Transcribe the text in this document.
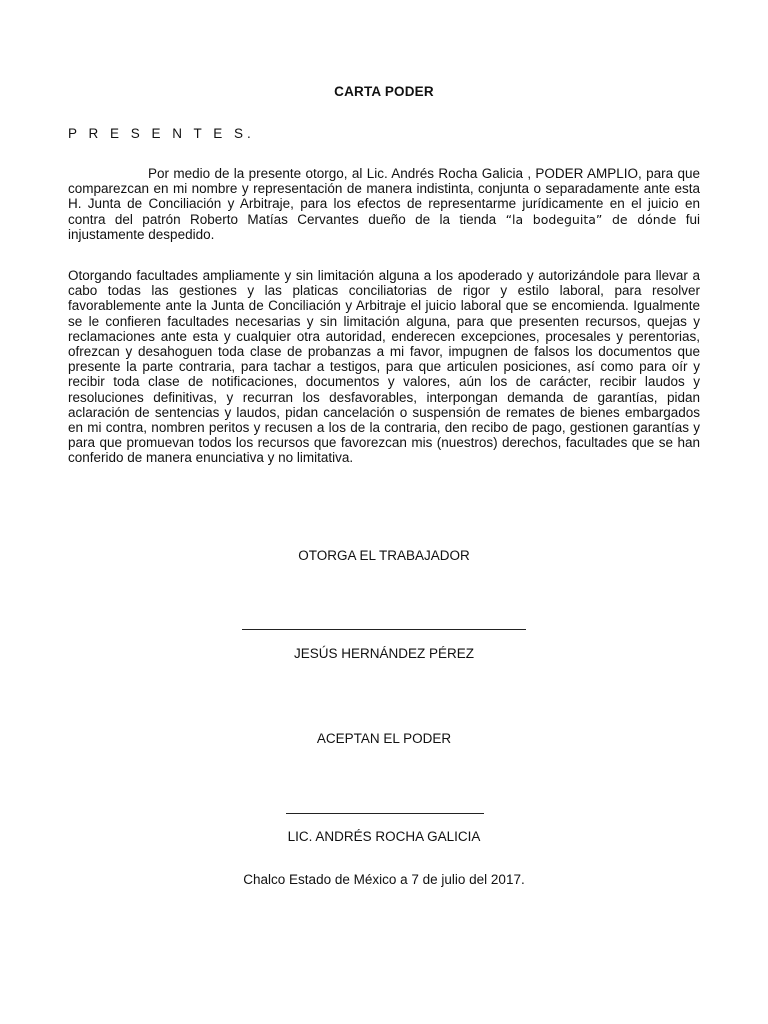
CARTA PODER
P R E S E N T E S.

Por medio de la presente otorgo, al Lic. Andrés Rocha Galicia , PODER AMPLIO, para que comparezcan en mi nombre y representación de manera indistinta, conjunta o separadamente ante esta H. Junta de Conciliación y Arbitraje, para los efectos de representarme jurídicamente en el juicio en contra del patrón Roberto Matías Cervantes dueño de la tienda “la bodeguita” de dónde fui injustamente despedido.

Otorgando facultades ampliamente y sin limitación alguna a los apoderado y autorizándole para llevar a cabo todas las gestiones y las platicas conciliatorias de rigor y estilo laboral, para resolver favorablemente ante la Junta de Conciliación y Arbitraje el juicio laboral que se encomienda. Igualmente se le confieren facultades necesarias y sin limitación alguna, para que presenten recursos, quejas y reclamaciones ante esta y cualquier otra autoridad, enderecen excepciones, procesales y perentorias, ofrezcan y desahoguen toda clase de probanzas a mi favor, impugnen de falsos los documentos que presente la parte contraria, para tachar a testigos, para que articulen posiciones, así como para oír y recibir toda clase de notificaciones, documentos y valores, aún los de carácter, recibir laudos y resoluciones definitivas, y recurran los desfavorables, interpongan demanda de garantías, pidan aclaración de sentencias y laudos, pidan cancelación o suspensión de remates de bienes embargados en mi contra, nombren peritos y recusen a los de la contraria, den recibo de pago, gestionen garantías y para que promuevan todos los recursos que favorezcan mis (nuestros) derechos, facultades que se han conferido de manera enunciativa y no limitativa.

OTORGA EL TRABAJADOR
JESÚS HERNÁNDEZ PÉREZ
ACEPTAN EL PODER
LIC. ANDRÉS ROCHA GALICIA
Chalco Estado de México a 7 de julio del 2017.
